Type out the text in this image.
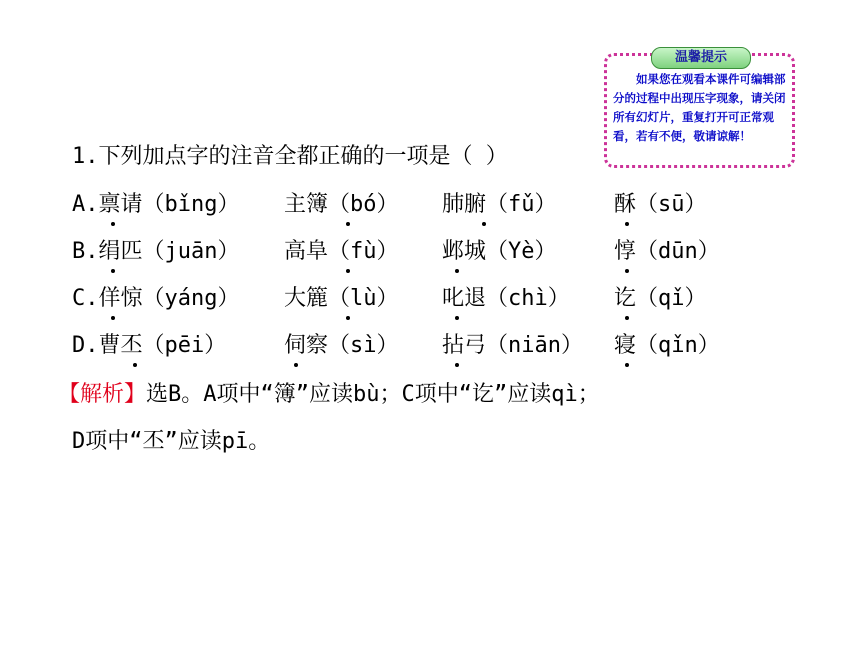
温馨提示
如果您在观看本课件可编辑部分的过程中出现压字现象，请关闭所有幻灯片，重复打开可正常观看，若有不便，敬请谅解！
1.下列加点字的注音全都正确的一项是（ ）
A.禀请（bǐng） 主簿（bó） 肺腑（fǔ）	酥（sū）
B.绢匹（juān） 高阜（fù） 邺城（Yè）	惇（dūn）
C.佯惊（yáng） 大簏（lù） 叱退（chì） 讫（qǐ）
D.曹丕（pēi）	伺察（sì） 拈弓（niān） 寝（qǐn）
【解析】选B。A项中“簿”应读bù；C项中“讫”应读qì；
D项中“丕”应读pī。
